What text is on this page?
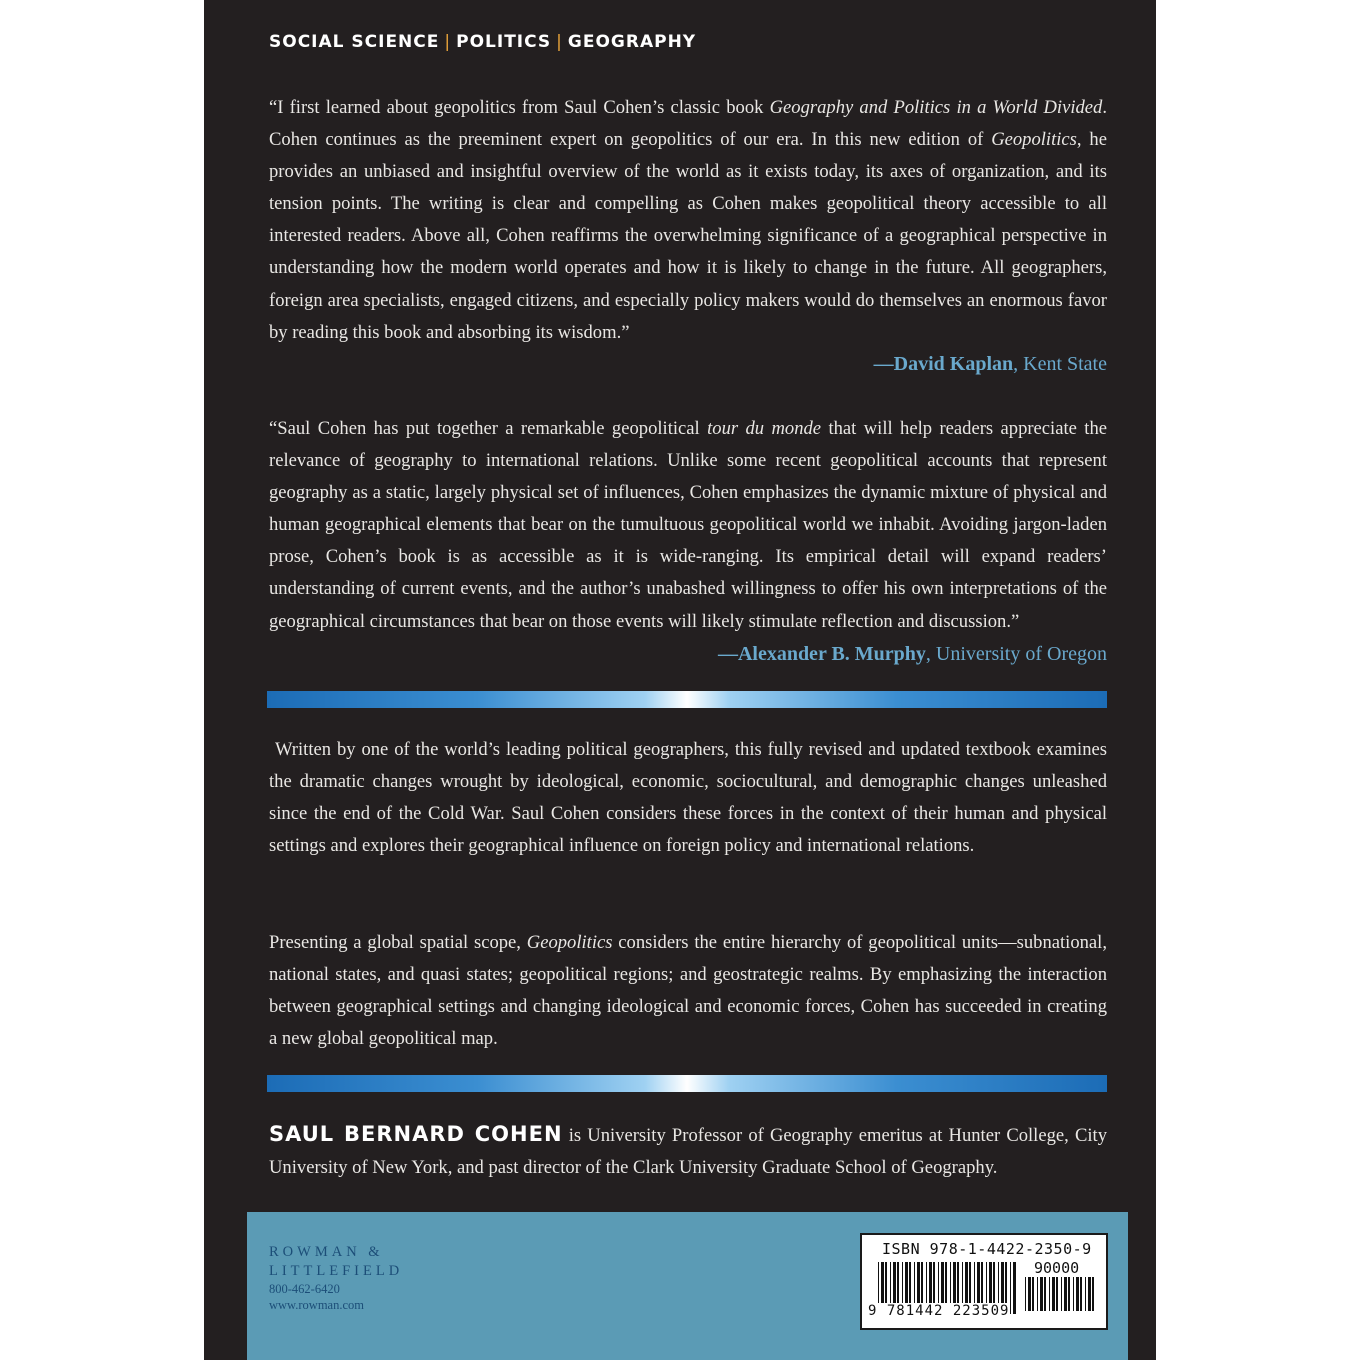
SOCIAL SCIENCE | POLITICS | GEOGRAPHY

“I first learned about geopolitics from Saul Cohen’s classic book Geography and Politics in a World Divided. Cohen continues as the preeminent expert on geopolitics of our era. In this new edition of Geopolitics, he provides an unbiased and insightful overview of the world as it exists today, its axes of organization, and its tension points. The writing is clear and compelling as Cohen makes geopolitical theory accessible to all interested readers. Above all, Cohen reaffirms the overwhelming significance of a geographical perspective in understanding how the modern world operates and how it is likely to change in the future. All geographers, foreign area specialists, engaged citizens, and especially policy makers would do themselves an enormous favor by reading this book and absorbing its wisdom.”

—David Kaplan, Kent State

“Saul Cohen has put together a remarkable geopolitical tour du monde that will help readers appreciate the relevance of geography to international relations. Unlike some recent geopolitical accounts that represent geography as a static, largely physical set of influences, Cohen emphasizes the dynamic mixture of physical and human geographical elements that bear on the tumultuous geopolitical world we inhabit. Avoiding jargon-laden prose, Cohen’s book is as accessible as it is wide-ranging. Its empirical detail will expand readers’ understanding of current events, and the author’s unabashed willingness to offer his own interpretations of the geographical circumstances that bear on those events will likely stimulate reflection and discussion.”
—Alexander B. Murphy, University of Oregon

Written by one of the world’s leading political geographers, this fully revised and updated textbook examines the dramatic changes wrought by ideological, economic, sociocultural, and demographic changes unleashed since the end of the Cold War. Saul Cohen considers these forces in the context of their human and physical settings and explores their geographical influence on foreign policy and international relations.

Presenting a global spatial scope, Geopolitics considers the entire hierarchy of geopolitical units—subnational, national states, and quasi states; geopolitical regions; and geostrategic realms. By emphasizing the interaction between geographical settings and changing ideological and economic forces, Cohen has succeeded in creating a new global geopolitical map.

SAUL BERNARD COHEN is University Professor of Geography emeritus at Hunter College, City University of New York, and past director of the Clark University Graduate School of Geography.

ROWMAN &
LITTLEFIELD
800-462-6420
www.rowman.com
ISBN 978-1-4422-2350-9
90000
9 781442 223509
